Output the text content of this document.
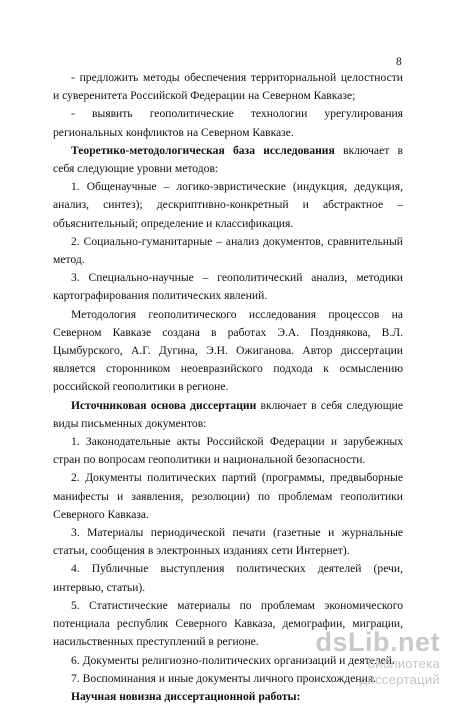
8

- предложить методы обеспечения территориальной целостности и суверенитета Российской Федерации на Северном Кавказе;

- выявить геополитические технологии урегулирования региональных конфликтов на Северном Кавказе.

Теоретико-методологическая база исследования включает в себя следующие уровни методов:

1. Общенаучные – логико-эвристические (индукция, дедукция, анализ, синтез); дескриптивно-конкретный и абстрактное – объяснительный; определение и классификация.

2. Социально-гуманитарные – анализ документов, сравнительный метод.

3. Специально-научные – геополитический анализ, методики картографирования политических явлений.

Методология геополитического исследования процессов на Северном Кавказе создана в работах Э.А. Позднякова, В.Л. Цымбурского, А.Г. Дугина, Э.Н. Ожиганова. Автор диссертации является сторонником неоевразийского подхода к осмыслению российской геополитики в регионе.

Источниковая основа диссертации включает в себя следующие виды письменных документов:

1. Законодательные акты Российской Федерации и зарубежных стран по вопросам геополитики и национальной безопасности.

2. Документы политических партий (программы, предвыборные манифесты и заявления, резолюции) по проблемам геополитики Северного Кавказа.

3. Материалы периодической печати (газетные и журнальные статьи, сообщения в электронных изданиях сети Интернет).

4. Публичные выступления политических деятелей (речи, интервью, статьи).

5. Статистические материалы по проблемам экономического потенциала республик Северного Кавказа, демографии, миграции, насильственных преступлений в регионе.

6. Документы религиозно-политических организаций и деятелей.

7. Воспоминания и иные документы личного происхождения.

Научная новизна диссертационной работы:

dsLib.net
библиотека диссертаций
